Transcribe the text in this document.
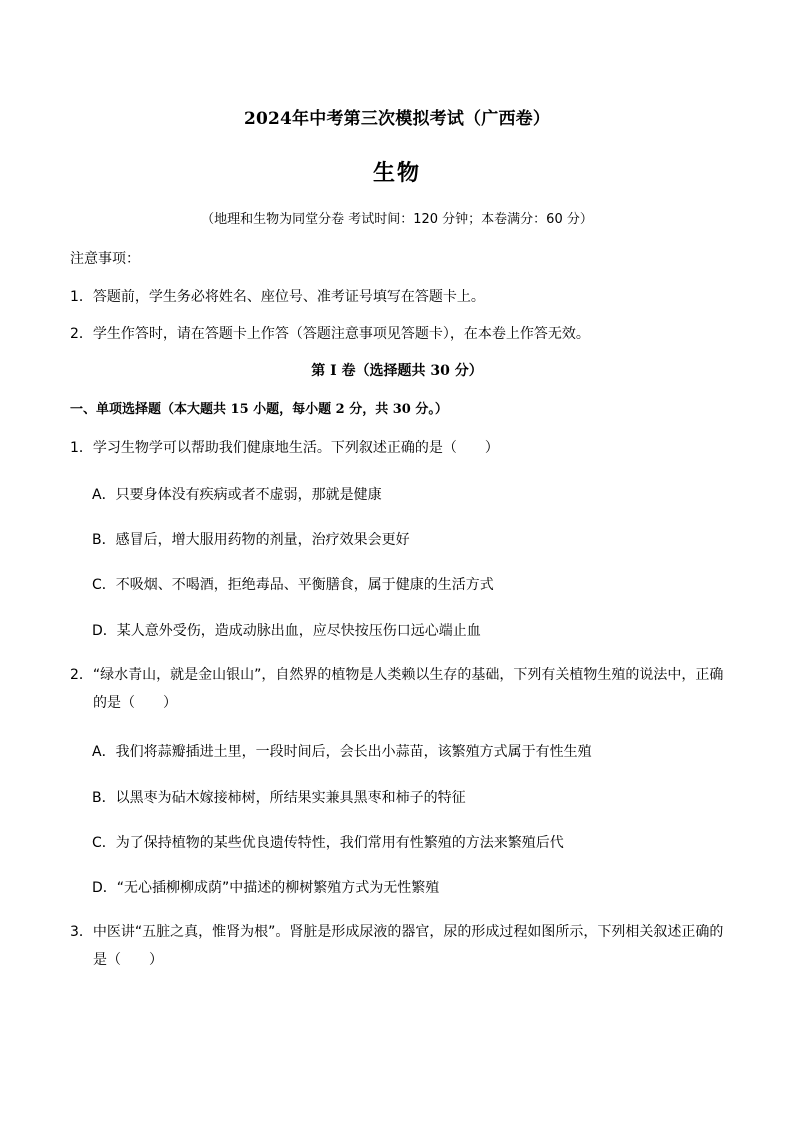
2024年中考第三次模拟考试（广西卷）
生物
（地理和生物为同堂分卷 考试时间：120 分钟；本卷满分：60 分）
注意事项：
1．答题前，学生务必将姓名、座位号、准考证号填写在答题卡上。
2．学生作答时，请在答题卡上作答（答题注意事项见答题卡），在本卷上作答无效。
第 I 卷（选择题共 30 分）
一、单项选择题（本大题共 15 小题，每小题 2 分，共 30 分。）
1．学习生物学可以帮助我们健康地生活。下列叙述正确的是（　　）
A．只要身体没有疾病或者不虚弱，那就是健康
B．感冒后，增大服用药物的剂量，治疗效果会更好
C．不吸烟、不喝酒，拒绝毒品、平衡膳食，属于健康的生活方式
D．某人意外受伤，造成动脉出血，应尽快按压伤口远心端止血
2．“绿水青山，就是金山银山”，自然界的植物是人类赖以生存的基础，下列有关植物生殖的说法中，正确
的是（　　）
A．我们将蒜瓣插进土里，一段时间后，会长出小蒜苗，该繁殖方式属于有性生殖
B．以黑枣为砧木嫁接柿树，所结果实兼具黑枣和柿子的特征
C．为了保持植物的某些优良遗传特性，我们常用有性繁殖的方法来繁殖后代
D．“无心插柳柳成荫”中描述的柳树繁殖方式为无性繁殖
3．中医讲“五脏之真，惟肾为根”。肾脏是形成尿液的器官，尿的形成过程如图所示，下列相关叙述正确的
是（　　）
